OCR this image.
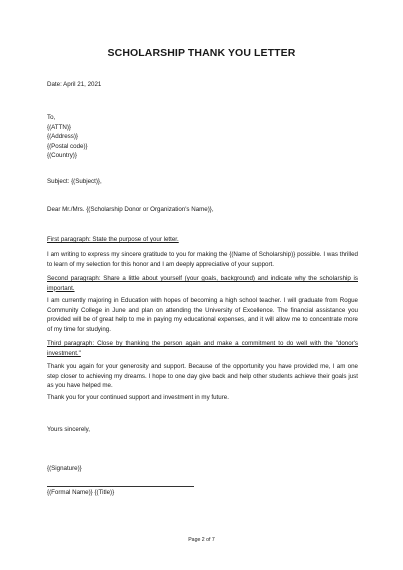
SCHOLARSHIP THANK YOU LETTER
Date: April 21, 2021
To,
{(ATTN)}
{(Address)}
{(Postal code)}
{(Country)}
Subject: {(Subject)},
Dear Mr./Mrs. {(Scholarship Donor or Organization's Name)},
First paragraph: State the purpose of your letter.
I am writing to express my sincere gratitude to you for making the {(Name of Scholarship)} possible. I was thrilled to learn of my selection for this honor and I am deeply appreciative of your support.
Second paragraph: Share a little about yourself (your goals, background) and indicate why the scholarship is important.
I am currently majoring in Education with hopes of becoming a high school teacher. I will graduate from Rogue Community College in June and plan on attending the University of Excellence. The financial assistance you provided will be of great help to me in paying my educational expenses, and it will allow me to concentrate more of my time for studying.
Third paragraph: Close by thanking the person again and make a commitment to do well with the "donor's investment."
Thank you again for your generosity and support. Because of the opportunity you have provided me, I am one step closer to achieving my dreams. I hope to one day give back and help other students achieve their goals just as you have helped me.
Thank you for your continued support and investment in my future.
Yours sincerely,
{(Signature)}
{(Formal Name)} {(Title)}
Page 2 of 7
